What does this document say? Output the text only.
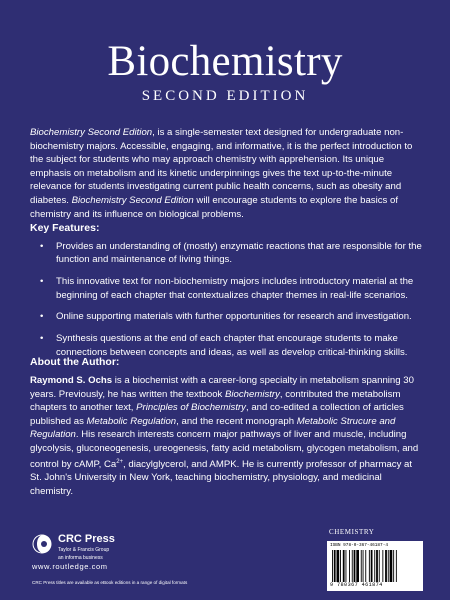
Biochemistry
SECOND EDITION

Biochemistry Second Edition, is a single-semester text designed for undergraduate non-biochemistry majors. Accessible, engaging, and informative, it is the perfect introduction to the subject for students who may approach chemistry with apprehension. Its unique emphasis on metabolism and its kinetic underpinnings gives the text up-to-the-minute relevance for students investigating current public health concerns, such as obesity and diabetes. Biochemistry Second Edition will encourage students to explore the basics of chemistry and its influence on biological problems.

Key Features:
• Provides an understanding of (mostly) enzymatic reactions that are responsible for the function and maintenance of living things.
• This innovative text for non-biochemistry majors includes introductory material at the beginning of each chapter that contextualizes chapter themes in real-life scenarios.
• Online supporting materials with further opportunities for research and investigation.
• Synthesis questions at the end of each chapter that encourage students to make connections between concepts and ideas, as well as develop critical-thinking skills.
About the Author:

Raymond S. Ochs is a biochemist with a career-long specialty in metabolism spanning 30 years. Previously, he has written the textbook Biochemistry, contributed the metabolism chapters to another text, Principles of Biochemistry, and co-edited a collection of articles published as Metabolic Regulation, and the recent monograph Metabolic Strucure and Regulation. His research interests concern major pathways of liver and muscle, including glycolysis, gluconeogenesis, ureogenesis, fatty acid metabolism, glycogen metabolism, and control by cAMP, $Ca^{2+}$, diacylglycerol, and AMPK. He is currently professor of pharmacy at St. John's University in New York, teaching biochemistry, physiology, and medicinal chemistry.

CRC Press
Taylor & Francis Group
an informa business
www.routledge.com
CRC Press titles are available as eBook editions in a range of digital formats
CHEMISTRY
ISBN 978-0-367-46187-4
9 780367 461874
